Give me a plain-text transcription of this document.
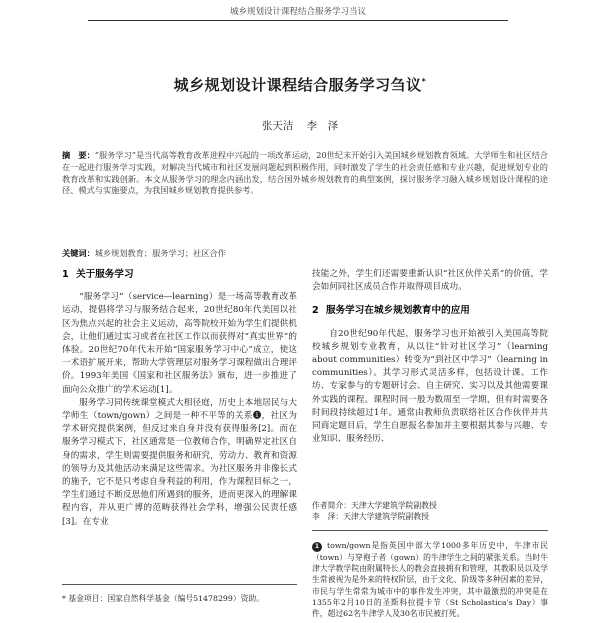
城乡规划设计课程结合服务学习当议
城乡规划设计课程结合服务学习刍议*
张天洁 李　泽
摘　要：“服务学习”是当代高等教育改革进程中兴起的一项改革运动，20世纪末开始引入美国城乡规划教育领域。大学师生和社区结合在一起进行服务学习实践，对解决当代城市和社区发展问题起到积极作用，同时激发了学生的社会责任感和专业兴趣，促进规划专业的教育改革和实践创新。本文从服务学习的理念内涵出发，结合国外城乡规划教育的典型案例，探讨服务学习融入城乡规划设计课程的途径、模式与实施要点，为我国城乡规划教育提供参考。
关键词：城乡规划教育；服务学习；社区合作
1 关于服务学习

“服务学习”（service—learning）是一场高等教育改革运动，提倡将学习与服务结合起来，20世纪80年代美国以社区为焦点兴起的社会主义运动，高等院校开始为学生们提供机会，让他们通过实习或者在社区工作以而获得对“真实世界”的体验。20世纪70年代末开始“国家服务学习中心”成立，使这一术语扩展开来，帮助大学管理层对服务学习课程做出合理评价。1993年美国《国家和社区服务法》颁布，进一步推进了面向公众推广的学术运动[1]。

服务学习同传统课堂模式大相径庭，历史上本地居民与大学师生（town/gown）之间是一种不平等的关系❶，社区为学术研究提供案例，但反过来自身并没有获得服务[2]。而在服务学习模式下，社区通常是一位教师合作，明确界定社区自身的需求，学生则需要提供服务和研究，劳动力、教育和资源的领导力及其他活动来满足这些需求。为社区服务并非像长式的施予，它不是只考虑自身利益的利用，作为课程目标之一，学生们通过不断反思他们所遇到的服务，进而更深入的理解课程内容，并从更广博的范畴获得社会学科，增强公民责任感[3]。在专业

技能之外，学生们还需要重新认识“社区伙伴关系”的价值，学会如何同社区成员合作并取得项目成功。

2 服务学习在城乡规划教育中的应用

自20世纪90年代起，服务学习也开始被引入美国高等院校城乡规划专业教育，从以往“针对社区学习”（learning about communities）转变为“到社区中学习”（learning in communities）。其学习形式灵活多样，包括设计课、工作坊、专家参与的专题研讨会、自主研究、实习以及其他需要课外实践的课程。课程时间一般为数周至一学期，但有时需要各时间段持续超过1年。通常由教师负责联络社区合作伙伴并共同商定题目后，学生自愿报名参加并主要根据其参与兴趣、专业知识、服务经历、

作者简介：天津大学建筑学院副教授
李　泽：天津大学建筑学院副教授
1 town/gown是指英国中部大学1000多年历史中，牛津市民（town）与穿袍子者（gown）的牛津学生之间的紧张关系。当时牛津大学教学院由附属特长人的教会直接拥有和管理，其教职员以及学生常被视为是外来的特权阶层，由于文化、阶级等多种因素的差异，市民与学生常常为城市中的事件发生冲突，其中最激烈的冲突是在1355年2月10日的圣斯科拉提卡节（St Scholastica's Day）事件，超过62名牛津学人及30名市民被打死。
* 基金项目：国家自然科学基金（编号51478299）资助。
